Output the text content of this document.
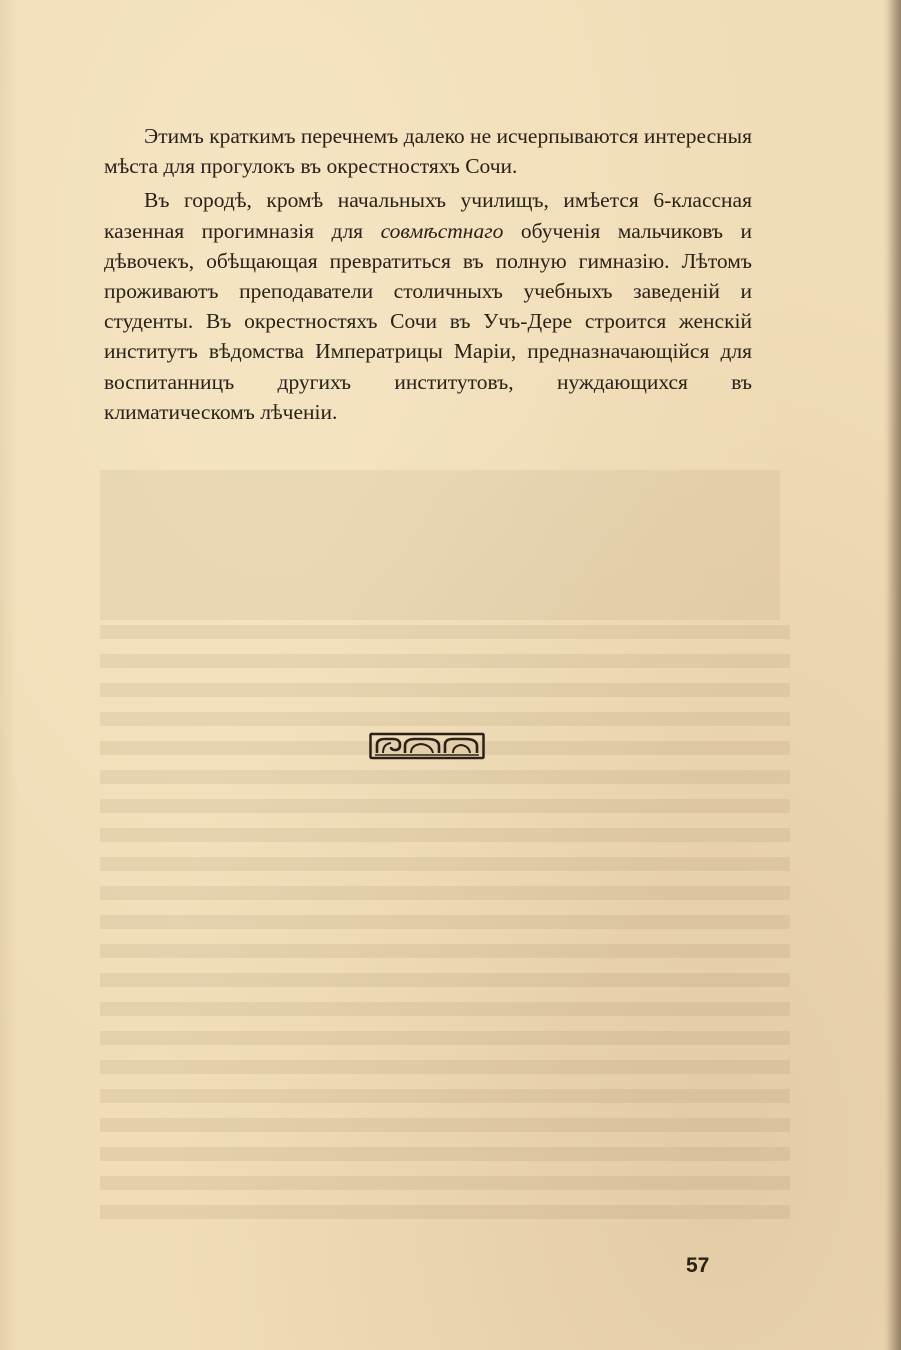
Этимъ краткимъ перечнемъ далеко не исчерпываются интересныя мѣста для прогулокъ въ окрестностяхъ Сочи.

Въ городѣ, кромѣ начальныхъ училищъ, имѣется 6-классная казенная прогимназія для совмѣстнаго обученія мальчиковъ и дѣвочекъ, обѣщающая превратиться въ полную гимназію. Лѣтомъ проживаютъ преподаватели столичныхъ учебныхъ заведеній и студенты. Въ окрестностяхъ Сочи въ Учъ-Дере строится женскій институтъ вѣдомства Императрицы Маріи, предназначающійся для воспитанницъ другихъ институтовъ, нуждающихся въ климатическомъ лѣченіи.

57
